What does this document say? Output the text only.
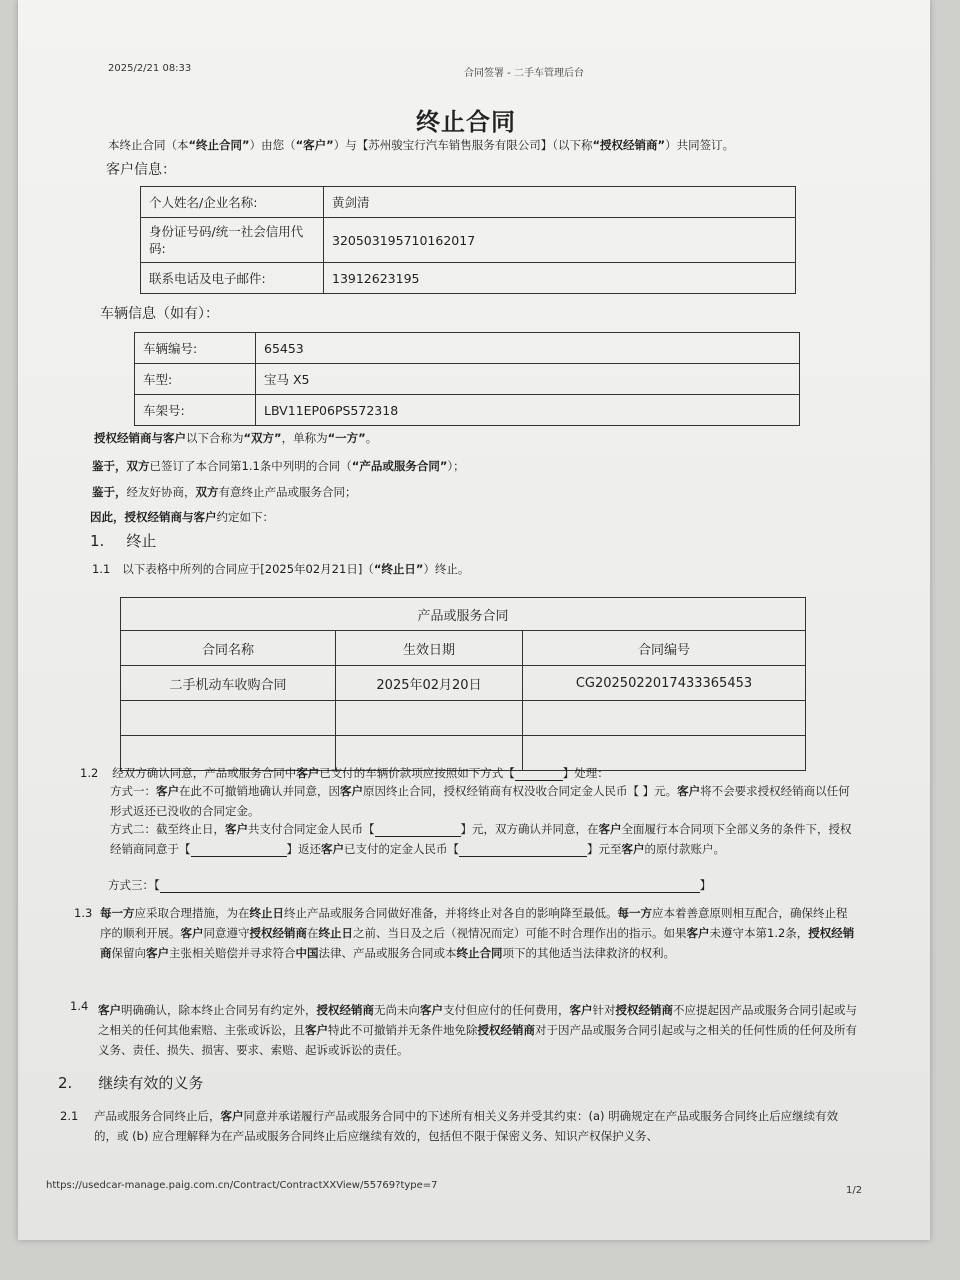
2025/2/21 08:33	合同签署 - 二手车管理后台
终止合同
本终止合同（本“终止合同”）由您（“客户”）与【苏州骏宝行汽车销售服务有限公司】（以下称“授权经销商”）共同签订。
客户信息：
个人姓名/企业名称:	黄剑清
身份证号码/统一社会信用代码:	320503195710162017
联系电话及电子邮件:	13912623195
车辆信息（如有）：
车辆编号:	65453
车型:	宝马 X5
车架号:	LBV11EP06PS572318
授权经销商与客户以下合称为“双方”，单称为“一方”。
鉴于，双方已签订了本合同第1.1条中列明的合同（“产品或服务合同”）；
鉴于，经友好协商，双方有意终止产品或服务合同；
因此，授权经销商与客户约定如下：
1. 终止
1.1 以下表格中所列的合同应于[2025年02月21日]（“终止日”）终止。
产品或服务合同		
合同名称	生效日期	合同编号
二手机动车收购合同	2025年02月20日	CG2025022017433365453

1.2 经双方确认同意，产品或服务合同中客户已支付的车辆价款项应按照如下方式【	】处理：
方式一：客户在此不可撤销地确认并同意，因客户原因终止合同，授权经销商有权没收合同定金人民币【 】元。客户将不会要求授权经销商以任何形式返还已没收的合同定金。
方式二：截至终止日，客户共支付合同定金人民币【	】元，双方确认并同意，在客户全面履行本合同项下全部义务的条件下，授权经销商同意于【	】返还客户已支付的定金人民币【	】元至客户的原付款账户。
方式三：【	】
1.3 每一方应采取合理措施，为在终止日终止产品或服务合同做好准备，并将终止对各自的影响降至最低。每一方应本着善意原则相互配合，确保终止程序的顺利开展。客户同意遵守授权经销商在终止日之前、当日及之后（视情况而定）可能不时合理作出的指示。如果客户未遵守本第1.2条，授权经销商保留向客户主张相关赔偿并寻求符合中国法律、产品或服务合同或本终止合同项下的其他适当法律救济的权利。
1.4 客户明确确认，除本终止合同另有约定外，授权经销商无尚未向客户支付但应付的任何费用，客户针对授权经销商不应提起因产品或服务合同引起或与之相关的任何其他索赔、主张或诉讼，且客户特此不可撤销并无条件地免除授权经销商对于因产品或服务合同引起或与之相关的任何性质的任何及所有义务、责任、损失、损害、要求、索赔、起诉或诉讼的责任。
2. 继续有效的义务
2.1 产品或服务合同终止后，客户同意并承诺履行产品或服务合同中的下述所有相关义务并受其约束：(a) 明确规定在产品或服务合同终止后应继续有效的，或 (b) 应合理解释为在产品或服务合同终止后应继续有效的，包括但不限于保密义务、知识产权保护义务、
https://usedcar-manage.paig.com.cn/Contract/ContractXXView/55769?type=7	1/2
